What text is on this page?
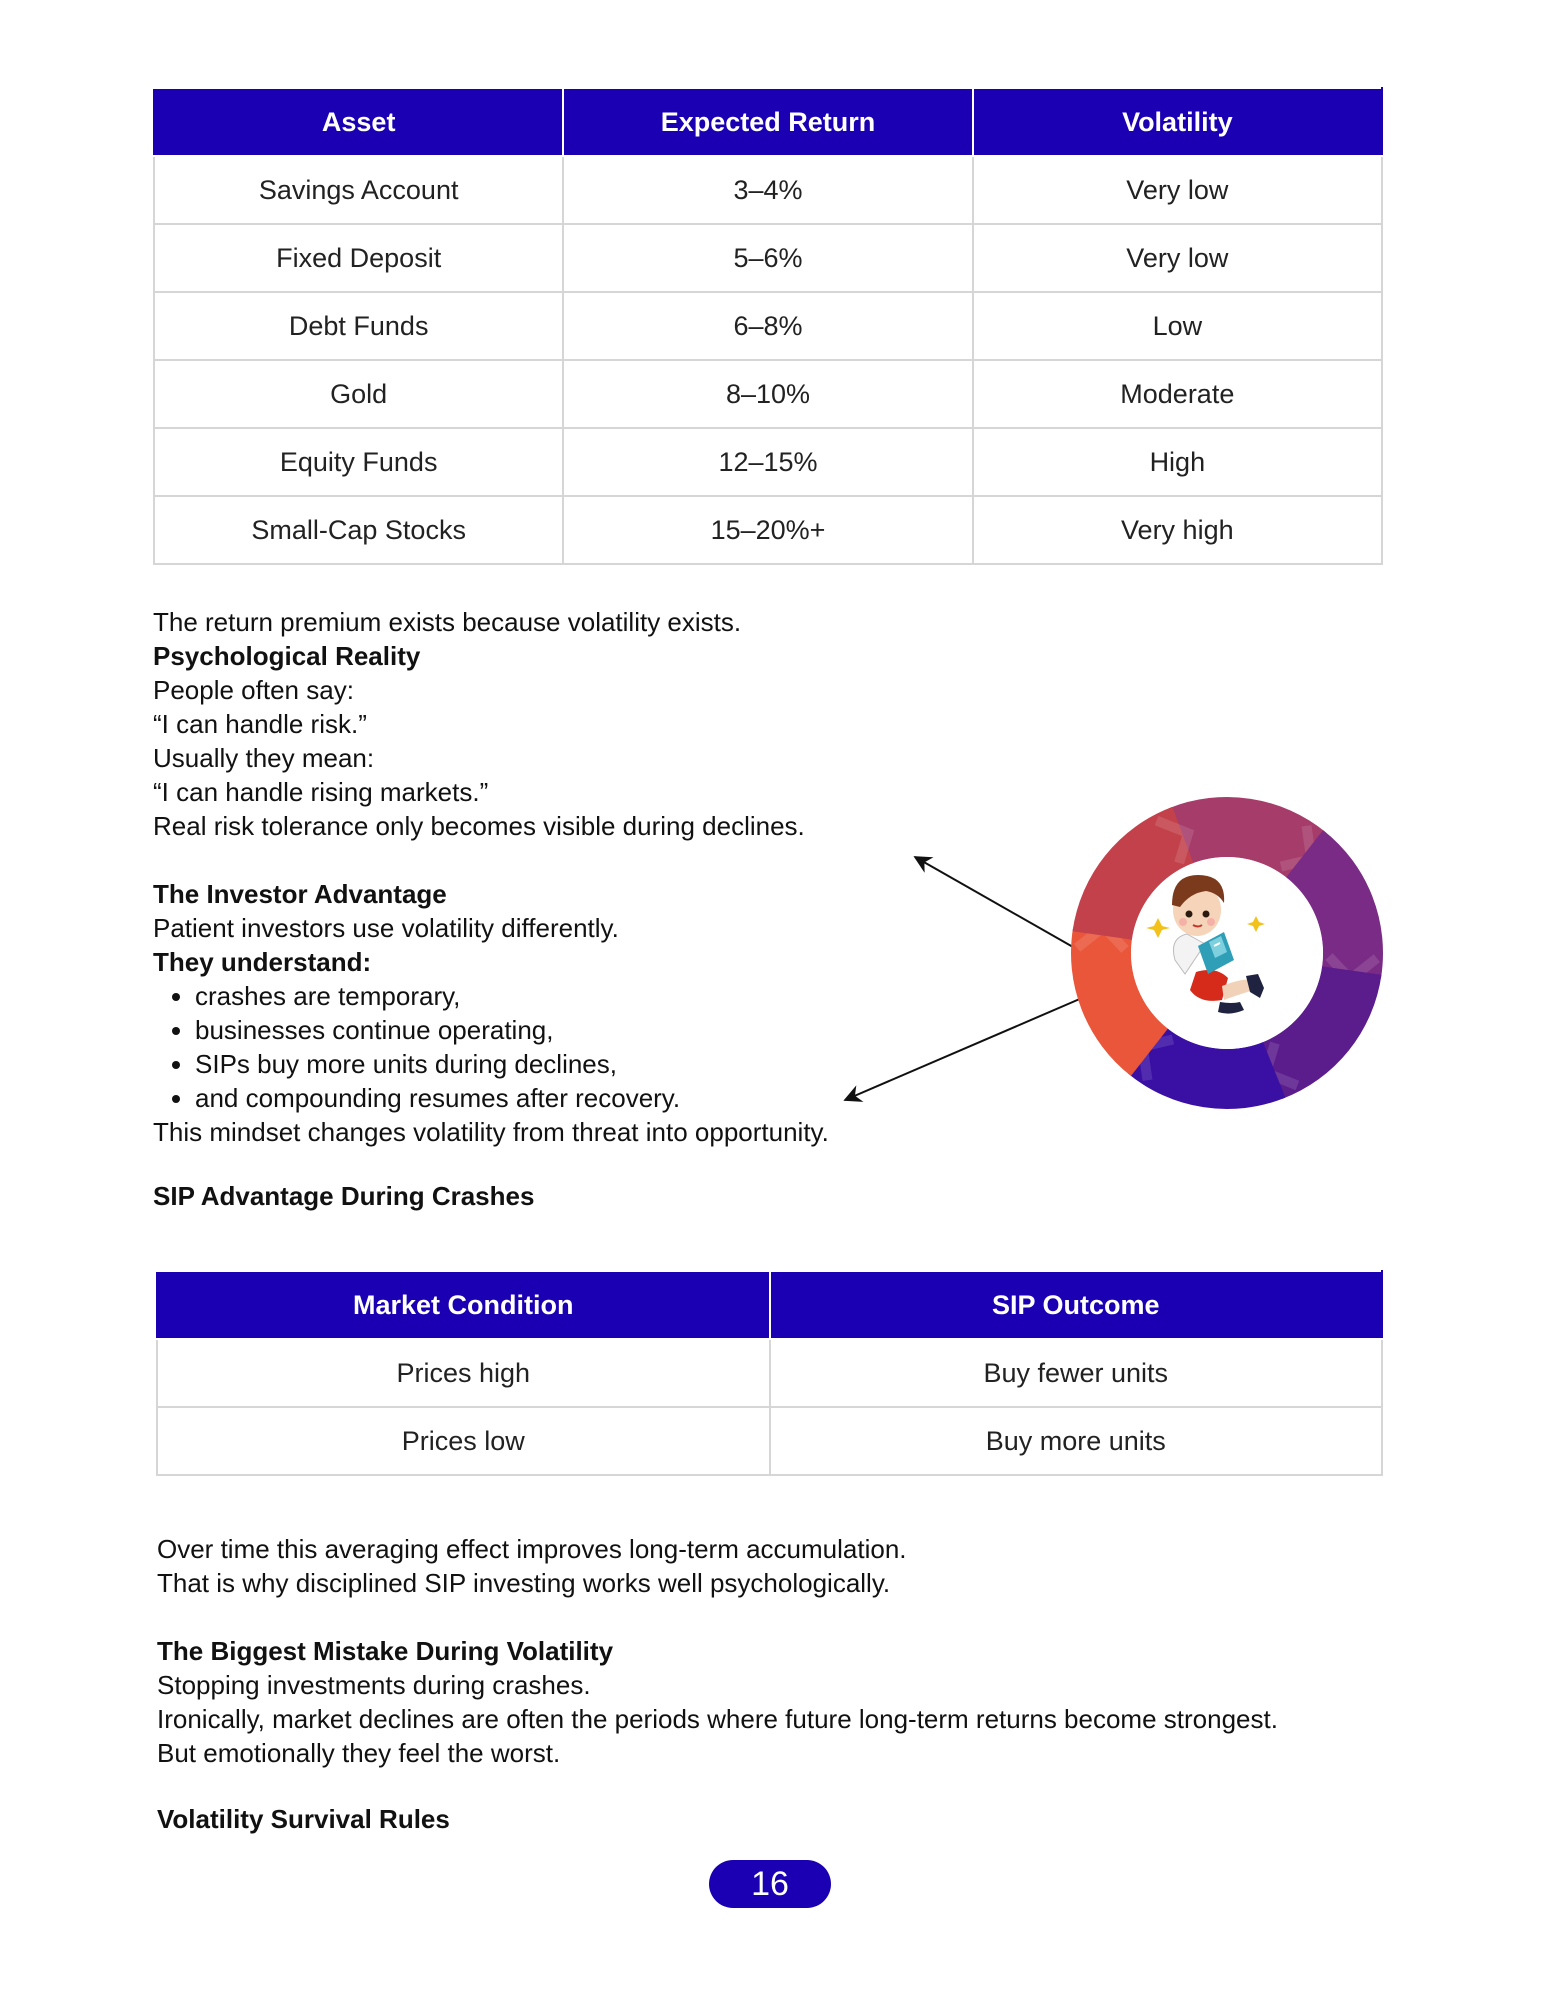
Asset	Expected Return	Volatility
Savings Account	3–4%	Very low
Fixed Deposit	5–6%	Very low
Debt Funds	6–8%	Low
Gold	8–10%	Moderate
Equity Funds	12–15%	High
Small-Cap Stocks	15–20%+	Very high

The return premium exists because volatility exists.

Psychological Reality

People often say:

“I can handle risk.”

Usually they mean:

“I can handle rising markets.”

Real risk tolerance only becomes visible during declines.

The Investor Advantage

Patient investors use volatility differently.

They understand:

• crashes are temporary,
• businesses continue operating,
• SIPs buy more units during declines,
• and compounding resumes after recovery.

This mindset changes volatility from threat into opportunity.

SIP Advantage During Crashes
Market Condition	SIP Outcome
Prices high	Buy fewer units
Prices low	Buy more units

Over time this averaging effect improves long-term accumulation.

That is why disciplined SIP investing works well psychologically.

The Biggest Mistake During Volatility

Stopping investments during crashes.

Ironically, market declines are often the periods where future long-term returns become strongest.

But emotionally they feel the worst.

Volatility Survival Rules
16
